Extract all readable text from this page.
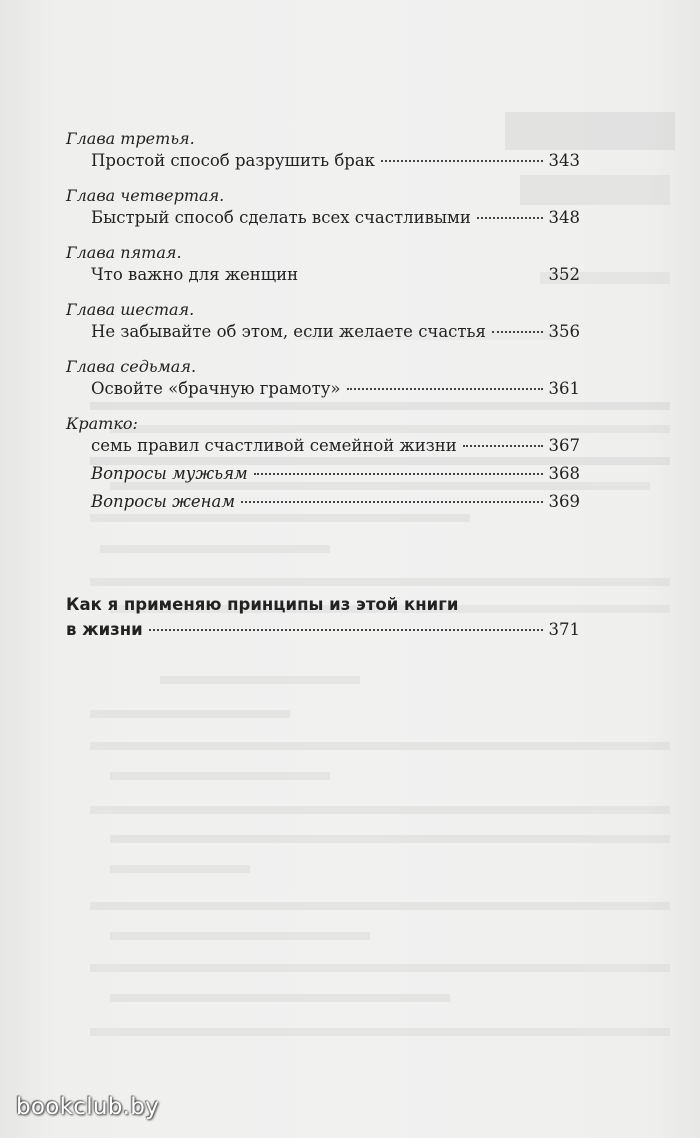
Глава третья.
Простой способ разрушить брак	343
Глава четвертая.
Быстрый способ сделать всех счастливыми	348
Глава пятая.
Что важно для женщин	352
Глава шестая.
Не забывайте об этом, если желаете счастья	356
Глава седьмая.
Освойте «брачную грамоту»	361
Кратко:
семь правил счастливой семейной жизни	367
Вопросы мужьям	368
Вопросы женам	369
Как я применяю принципы из этой книги
в жизни	371
bookclub.by
